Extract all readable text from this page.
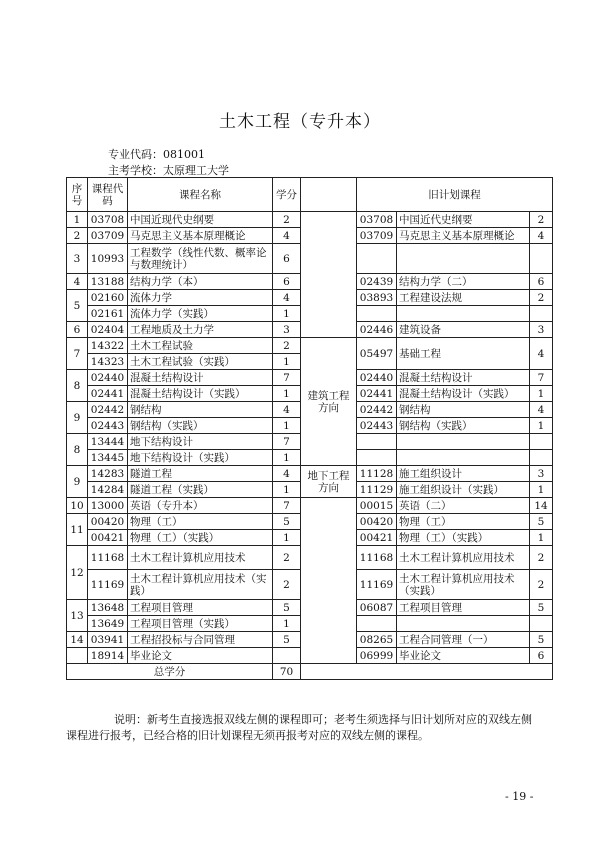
土木工程（专升本）
专业代码：081001
主考学校：太原理工大学
序号	课程代码	课程名称	学分		旧计划课程		
1	03708	中国近现代史纲要	2		03708	中国近代史纲要	2
2	03709	马克思主义基本原理概论	4		03709	马克思主义基本原理概论	4
3	10993	工程数学（线性代数、概率论与数理统计）	6				
4	13188	结构力学（本）	6		02439	结构力学（二）	6
5	02160	流体力学	4		03893	工程建设法规	2
	02161	流体力学（实践）	1				
6	02404	工程地质及土力学	3		02446	建筑设备	3
7	14322	土木工程试验	2	建筑工程方向	05497	基础工程	4
	14323	土木工程试验（实践）	1				
8	02440	混凝土结构设计	7		02440	混凝土结构设计	7
	02441	混凝土结构设计（实践）	1		02441	混凝土结构设计（实践）	1
9	02442	钢结构	4		02442	钢结构	4
	02443	钢结构（实践）	1		02443	钢结构（实践）	1
8	13444	地下结构设计	7				
	13445	地下结构设计（实践）	1				
9	14283	隧道工程	4	地下工程方向	11128	施工组织设计	3
	14284	隧道工程（实践）	1		11129	施工组织设计（实践）	1
10	13000	英语（专升本）	7		00015	英语（二）	14
11	00420	物理（工）	5		00420	物理（工）	5
	00421	物理（工）（实践）	1		00421	物理（工）（实践）	1
12	11168	土木工程计算机应用技术	2		11168	土木工程计算机应用技术	2
	11169	土木工程计算机应用技术（实践）	2		11169	土木工程计算机应用技术（实践）	2
13	13648	工程项目管理	5		06087	工程项目管理	5
	13649	工程项目管理（实践）	1				
14	03941	工程招投标与合同管理	5		08265	工程合同管理（一）	5
	18914	毕业论文			06999	毕业论文	6
总学分			70				
说明：新考生直接选报双线左侧的课程即可；老考生须选择与旧计划所对应的双线左侧课程进行报考，已经合格的旧计划课程无须再报考对应的双线左侧的课程。
- 19 -
